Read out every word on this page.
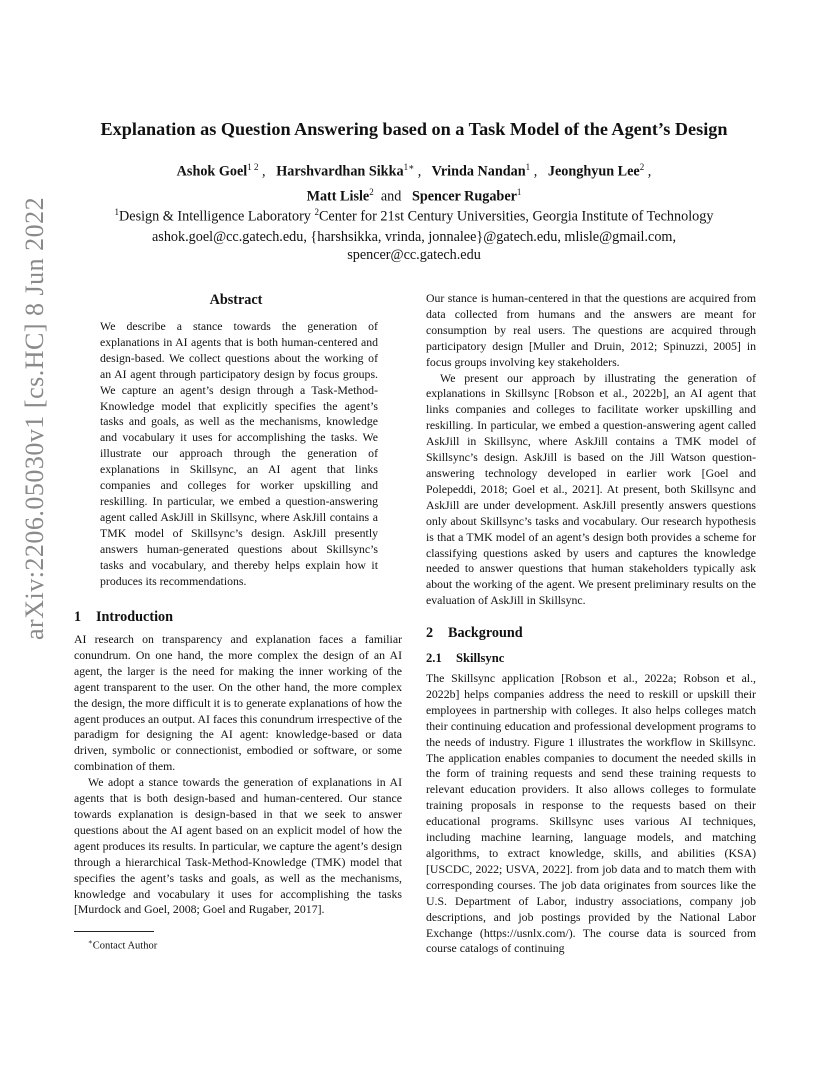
arXiv:2206.05030v1 [cs.HC] 8 Jun 2022
Explanation as Question Answering based on a Task Model of the Agent’s Design
Ashok Goel$^{1 2}$ ,   Harshvardhan Sikka$^{1∗}$ ,   Vrinda Nandan$^1$ ,   Jeonghyun Lee$^2$ ,
Matt Lisle$^2$  and   Spencer Rugaber$^1$
$^1$Design & Intelligence Laboratory $^2$Center for 21st Century Universities, Georgia Institute of Technology
ashok.goel@cc.gatech.edu, {harshsikka, vrinda, jonnalee}@gatech.edu, mlisle@gmail.com,
spencer@cc.gatech.edu
Abstract
We describe a stance towards the generation of explanations in AI agents that is both human-centered and design-based. We collect questions about the working of an AI agent through participatory design by focus groups. We capture an agent’s design through a Task-Method-Knowledge model that explicitly specifies the agent’s tasks and goals, as well as the mechanisms, knowledge and vocabulary it uses for accomplishing the tasks. We illustrate our approach through the generation of explanations in Skillsync, an AI agent that links companies and colleges for worker upskilling and reskilling. In particular, we embed a question-answering agent called AskJill in Skillsync, where AskJill contains a TMK model of Skillsync’s design. AskJill presently answers human-generated questions about Skillsync’s tasks and vocabulary, and thereby helps explain how it produces its recommendations.
1 Introduction

AI research on transparency and explanation faces a familiar conundrum. On one hand, the more complex the design of an AI agent, the larger is the need for making the inner working of the agent transparent to the user. On the other hand, the more complex the design, the more difficult it is to generate explanations of how the agent produces an output. AI faces this conundrum irrespective of the paradigm for designing the AI agent: knowledge-based or data driven, symbolic or connectionist, embodied or software, or some combination of them.

We adopt a stance towards the generation of explanations in AI agents that is both design-based and human-centered. Our stance towards explanation is design-based in that we seek to answer questions about the AI agent based on an explicit model of how the agent produces its results. In particular, we capture the agent’s design through a hierarchical Task-Method-Knowledge (TMK) model that specifies the agent’s tasks and goals, as well as the mechanisms, knowledge and vocabulary it uses for accomplishing the tasks [Murdock and Goel, 2008; Goel and Rugaber, 2017].

∗Contact Author

Our stance is human-centered in that the questions are acquired from data collected from humans and the answers are meant for consumption by real users. The questions are acquired through participatory design [Muller and Druin, 2012; Spinuzzi, 2005] in focus groups involving key stakeholders.

We present our approach by illustrating the generation of explanations in Skillsync [Robson et al., 2022b], an AI agent that links companies and colleges to facilitate worker upskilling and reskilling. In particular, we embed a question-answering agent called AskJill in Skillsync, where AskJill contains a TMK model of Skillsync’s design. AskJill is based on the Jill Watson question-answering technology developed in earlier work [Goel and Polepeddi, 2018; Goel et al., 2021]. At present, both Skillsync and AskJill are under development. AskJill presently answers questions only about Skillsync’s tasks and vocabulary. Our research hypothesis is that a TMK model of an agent’s design both provides a scheme for classifying questions asked by users and captures the knowledge needed to answer questions that human stakeholders typically ask about the working of the agent. We present preliminary results on the evaluation of AskJill in Skillsync.

2 Background
2.1 Skillsync

The Skillsync application [Robson et al., 2022a; Robson et al., 2022b] helps companies address the need to reskill or upskill their employees in partnership with colleges. It also helps colleges match their continuing education and professional development programs to the needs of industry. Figure 1 illustrates the workflow in Skillsync. The application enables companies to document the needed skills in the form of training requests and send these training requests to relevant education providers. It also allows colleges to formulate training proposals in response to the requests based on their educational programs. Skillsync uses various AI techniques, including machine learning, language models, and matching algorithms, to extract knowledge, skills, and abilities (KSA) [USCDC, 2022; USVA, 2022]. from job data and to match them with corresponding courses. The job data originates from sources like the U.S. Department of Labor, industry associations, company job descriptions, and job postings provided by the National Labor Exchange (https://usnlx.com/). The course data is sourced from course catalogs of continuing
